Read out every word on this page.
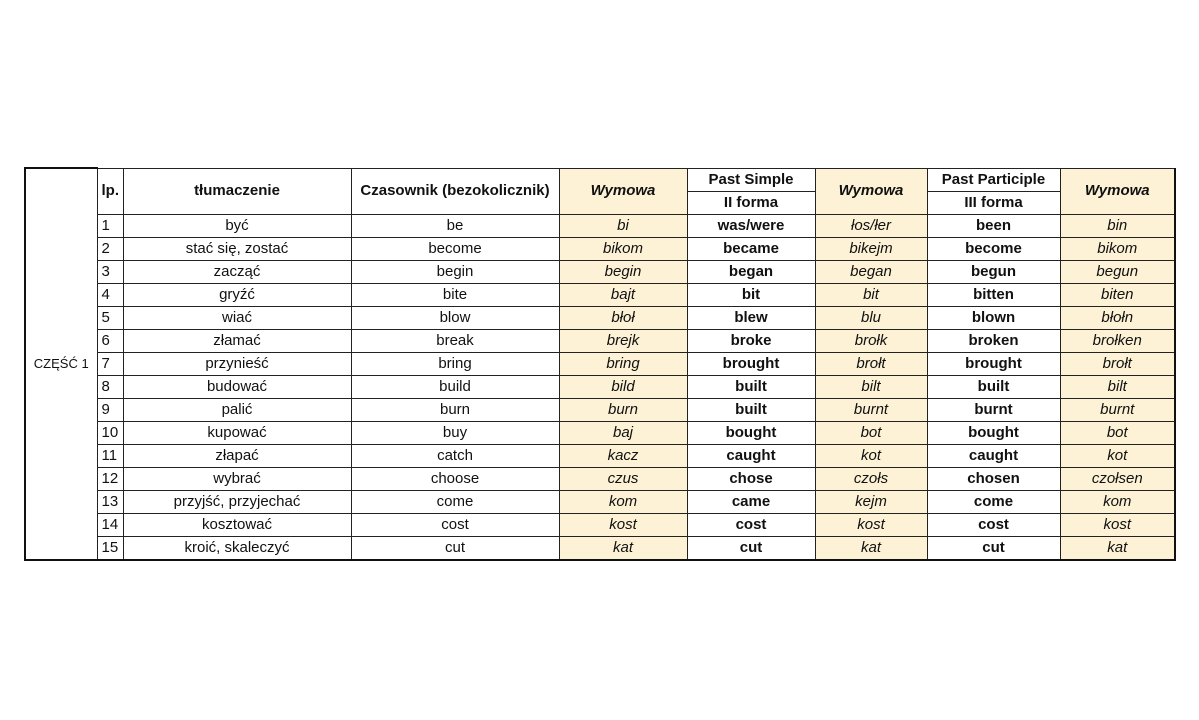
CZĘŚĆ 1	lp.	tłumaczenie	Czasownik (bezokolicznik)	Wymowa	Past Simple	Wymowa	Past Participle	Wymowa
					II forma		III forma	
	1	być	be	bi	was/were	łos/łer	been	bin
	2	stać się, zostać	become	bikom	became	bikejm	become	bikom
	3	zacząć	begin	begin	began	began	begun	begun
	4	gryźć	bite	bajt	bit	bit	bitten	biten
	5	wiać	blow	błoł	blew	blu	blown	błołn
	6	złamać	break	brejk	broke	brołk	broken	brołken
	7	przynieść	bring	bring	brought	brołt	brought	brołt
	8	budować	build	bild	built	bilt	built	bilt
	9	palić	burn	burn	built	burnt	burnt	burnt
	10	kupować	buy	baj	bought	bot	bought	bot
	11	złapać	catch	kacz	caught	kot	caught	kot
	12	wybrać	choose	czus	chose	czołs	chosen	czołsen
	13	przyjść, przyjechać	come	kom	came	kejm	come	kom
	14	kosztować	cost	kost	cost	kost	cost	kost
	15	kroić, skaleczyć	cut	kat	cut	kat	cut	kat
